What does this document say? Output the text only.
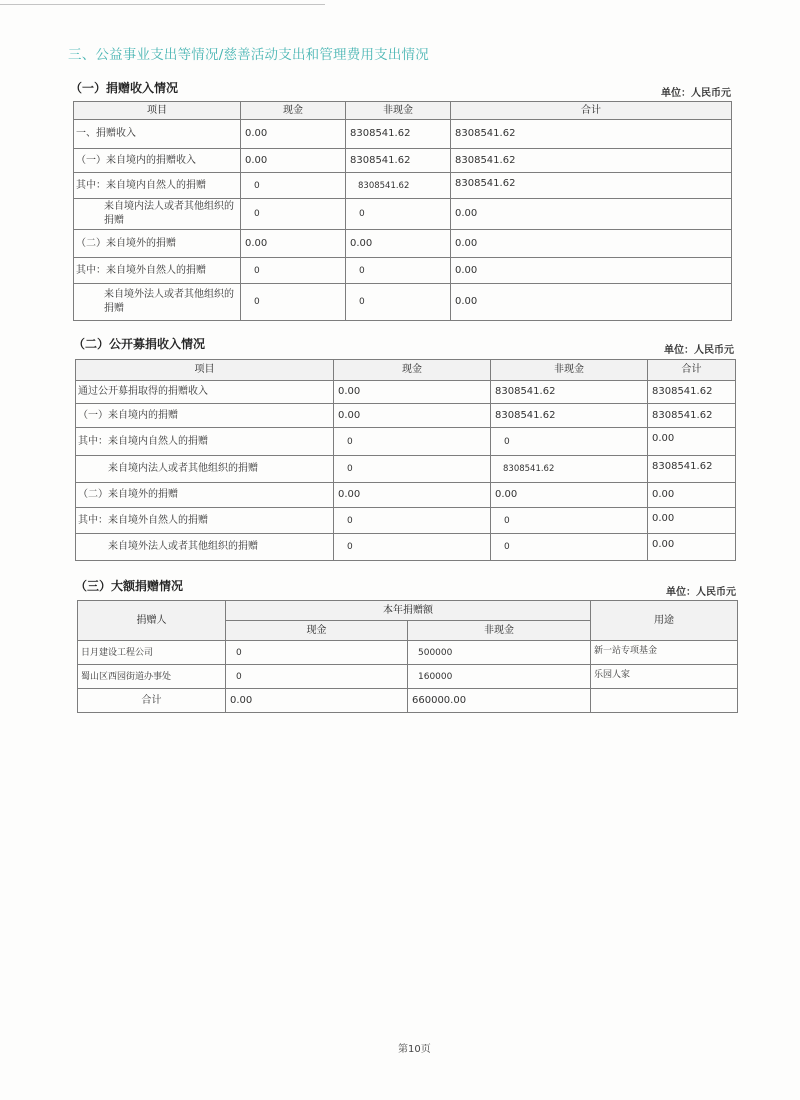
三、公益事业支出等情况/慈善活动支出和管理费用支出情况
（一）捐赠收入情况	单位：人民币元
项目	现金	非现金	合计
一、捐赠收入	0.00	8308541.62	8308541.62
（一）来自境内的捐赠收入	0.00	8308541.62	8308541.62
其中：来自境内自然人的捐赠	0	8308541.62	8308541.62
来自境内法人或者其他组织的捐赠	0	0	0.00
（二）来自境外的捐赠	0.00	0.00	0.00
其中：来自境外自然人的捐赠	0	0	0.00
来自境外法人或者其他组织的捐赠	0	0	0.00
（二）公开募捐收入情况	单位：人民币元
项目	现金	非现金	合计
通过公开募捐取得的捐赠收入	0.00	8308541.62	8308541.62
（一）来自境内的捐赠	0.00	8308541.62	8308541.62
其中：来自境内自然人的捐赠	0	0	0.00
来自境内法人或者其他组织的捐赠	0	8308541.62	8308541.62
（二）来自境外的捐赠	0.00	0.00	0.00
其中：来自境外自然人的捐赠	0	0	0.00
来自境外法人或者其他组织的捐赠	0	0	0.00
（三）大额捐赠情况	单位：人民币元
捐赠人	本年捐赠额		用途
	现金	非现金	
日月建设工程公司	0	500000	新一站专项基金
蜀山区西园街道办事处	0	160000	乐园人家
合计	0.00	660000.00	
第10页
